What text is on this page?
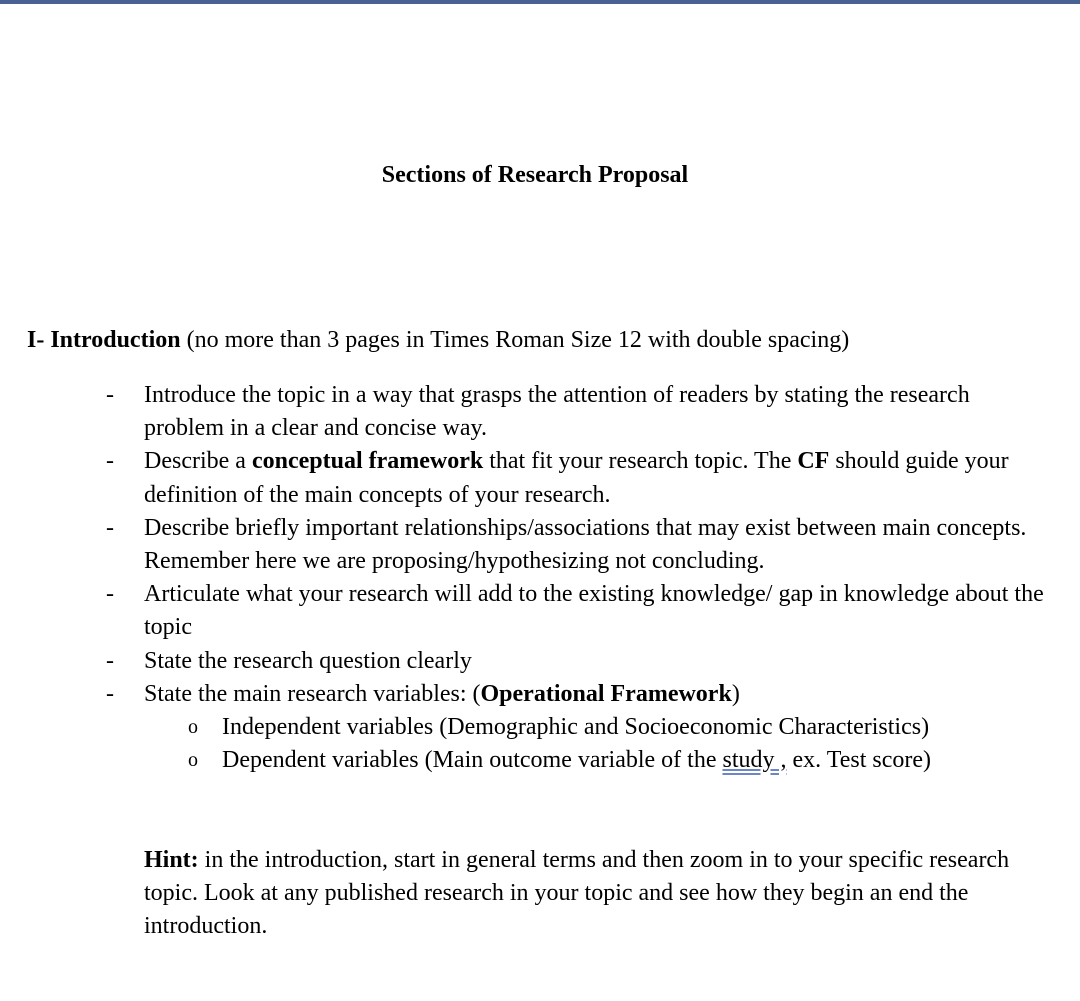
Sections of Research Proposal
I- Introduction (no more than 3 pages in Times Roman Size 12 with double spacing)
- Introduce the topic in a way that grasps the attention of readers by stating the research problem in a clear and concise way.
- Describe a conceptual framework that fit your research topic. The CF should guide your definition of the main concepts of your research.
- Describe briefly important relationships/associations that may exist between main concepts. Remember here we are proposing/hypothesizing not concluding.
- Articulate what your research will add to the existing knowledge/ gap in knowledge about the topic
- State the research question clearly
- State the main research variables: (Operational Framework)
o Independent variables (Demographic and Socioeconomic Characteristics)
o Dependent variables (Main outcome variable of the study , ex. Test score)
Hint: in the introduction, start in general terms and then zoom in to your specific research topic. Look at any published research in your topic and see how they begin an end the introduction.
